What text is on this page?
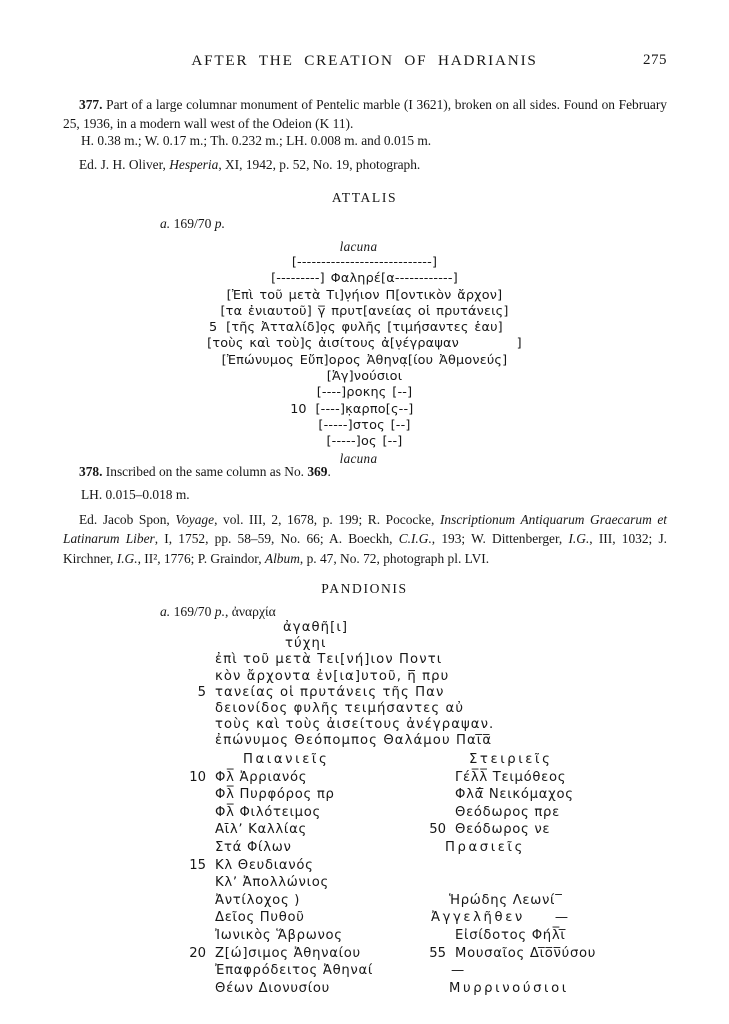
AFTER THE CREATION OF HADRIANIS	275

377. Part of a large columnar monument of Pentelic marble (I 3621), broken on all sides. Found on February 25, 1936, in a modern wall west of the Odeion (K 11).

H. 0.38 m.; W. 0.17 m.; Th. 0.232 m.; LH. 0.008 m. and 0.015 m.

Ed. J. H. Oliver, Hesperia, XI, 1942, p. 52, No. 19, photograph.

ATTALIS

a. 169/70 p.

lacuna
[----------------------------]
[---------] Φαληρέ[α------------]
[Ἐπὶ τοῦ μετὰ Τι]ν̣ήιον Π[οντικὸν ἄρχον]
[τα ἐνιαυτοῦ] γ̅ πρυτ[ανείας οἱ πρυτάνεις]
5 [τῆς Ἀτταλίδ]ο̣ς φυλῆς [τιμήσαντες ἑαυ]
[τοὺς καὶ τοὺ]ς ἀισίτους ἀ[ν̣έγραψαν          ]
[Ἐπώνυμος Εὔπ]ορος Ἀθηνα̣[ίου Ἀθμονεύς]
[Ἁγ]νούσιοι
[----]ροκης [--]
10 [----]κ̣αρπο[ς--]
[-----]στος [--]
[-----]ος [--]
lacuna

378. Inscribed on the same column as No. 369.

LH. 0.015–0.018 m.

Ed. Jacob Spon, Voyage, vol. III, 2, 1678, p. 199; R. Pococke, Inscriptionum Antiquarum Graecarum et Latinarum Liber, I, 1752, pp. 58–59, No. 66; A. Boeckh, C.I.G., 193; W. Dittenberger, I.G., III, 1032; J. Kirchner, I.G., II², 1776; P. Graindor, Album, p. 47, No. 72, photograph pl. LVI.

PANDIONIS

a. 169/70 p., ἀναρχία

ἀγαθῆ[ι]
τύχηι
ἐπὶ τοῦ μετὰ Τει[νή]ιον Ποντι
κὸν ἄρχοντα ἐν[ια]υτοῦ, η̅ πρυ
5 τανείας οἱ πρυτάνεις τῆς Παν
δειονίδος φυλῆς τειμήσαντες αὐ
τοὺς καὶ τοὺς ἀισείτους ἀνέγραψαν.
ἐπώνυμος Θεόπομπος Θαλάμου Παι̅α̅
Παιανιεῖς	Στειριεῖς
10 Φλ̅ Ἀρριανός	Γέλ̅λ̅ Τειμόθεος
Φλ̅ Πυρφόρος πρ	Φλά̅ Νεικόμαχος
Φλ̅ Φιλότειμος	Θεόδωρος πρε
Αῑλʼ Καλλίας	50 Θεόδωρος νε
Στά Φίλων	Πρασιεῖς
15 Κλ Θευδιανός
Κλʼ Ἀπολλώνιος
Ἀντίλοχος )	Ἡρώδης Λεωνί‾
Δεῖος Πυθοῦ	Ἀγγελῆθεν —
Ἰωνικὸς Ἅβρωνος	Εἰσίδοτος Φήλ̅ι̅
20 Ζ[ώ]σιμος Ἀθηναίου	55 Μουσαῖος Δι̅ο̅ν̅ύσου
Ἐπαφρόδειτος Ἀθηναί	—
Θέων Διονυσίου	Μυρρινούσιοι
